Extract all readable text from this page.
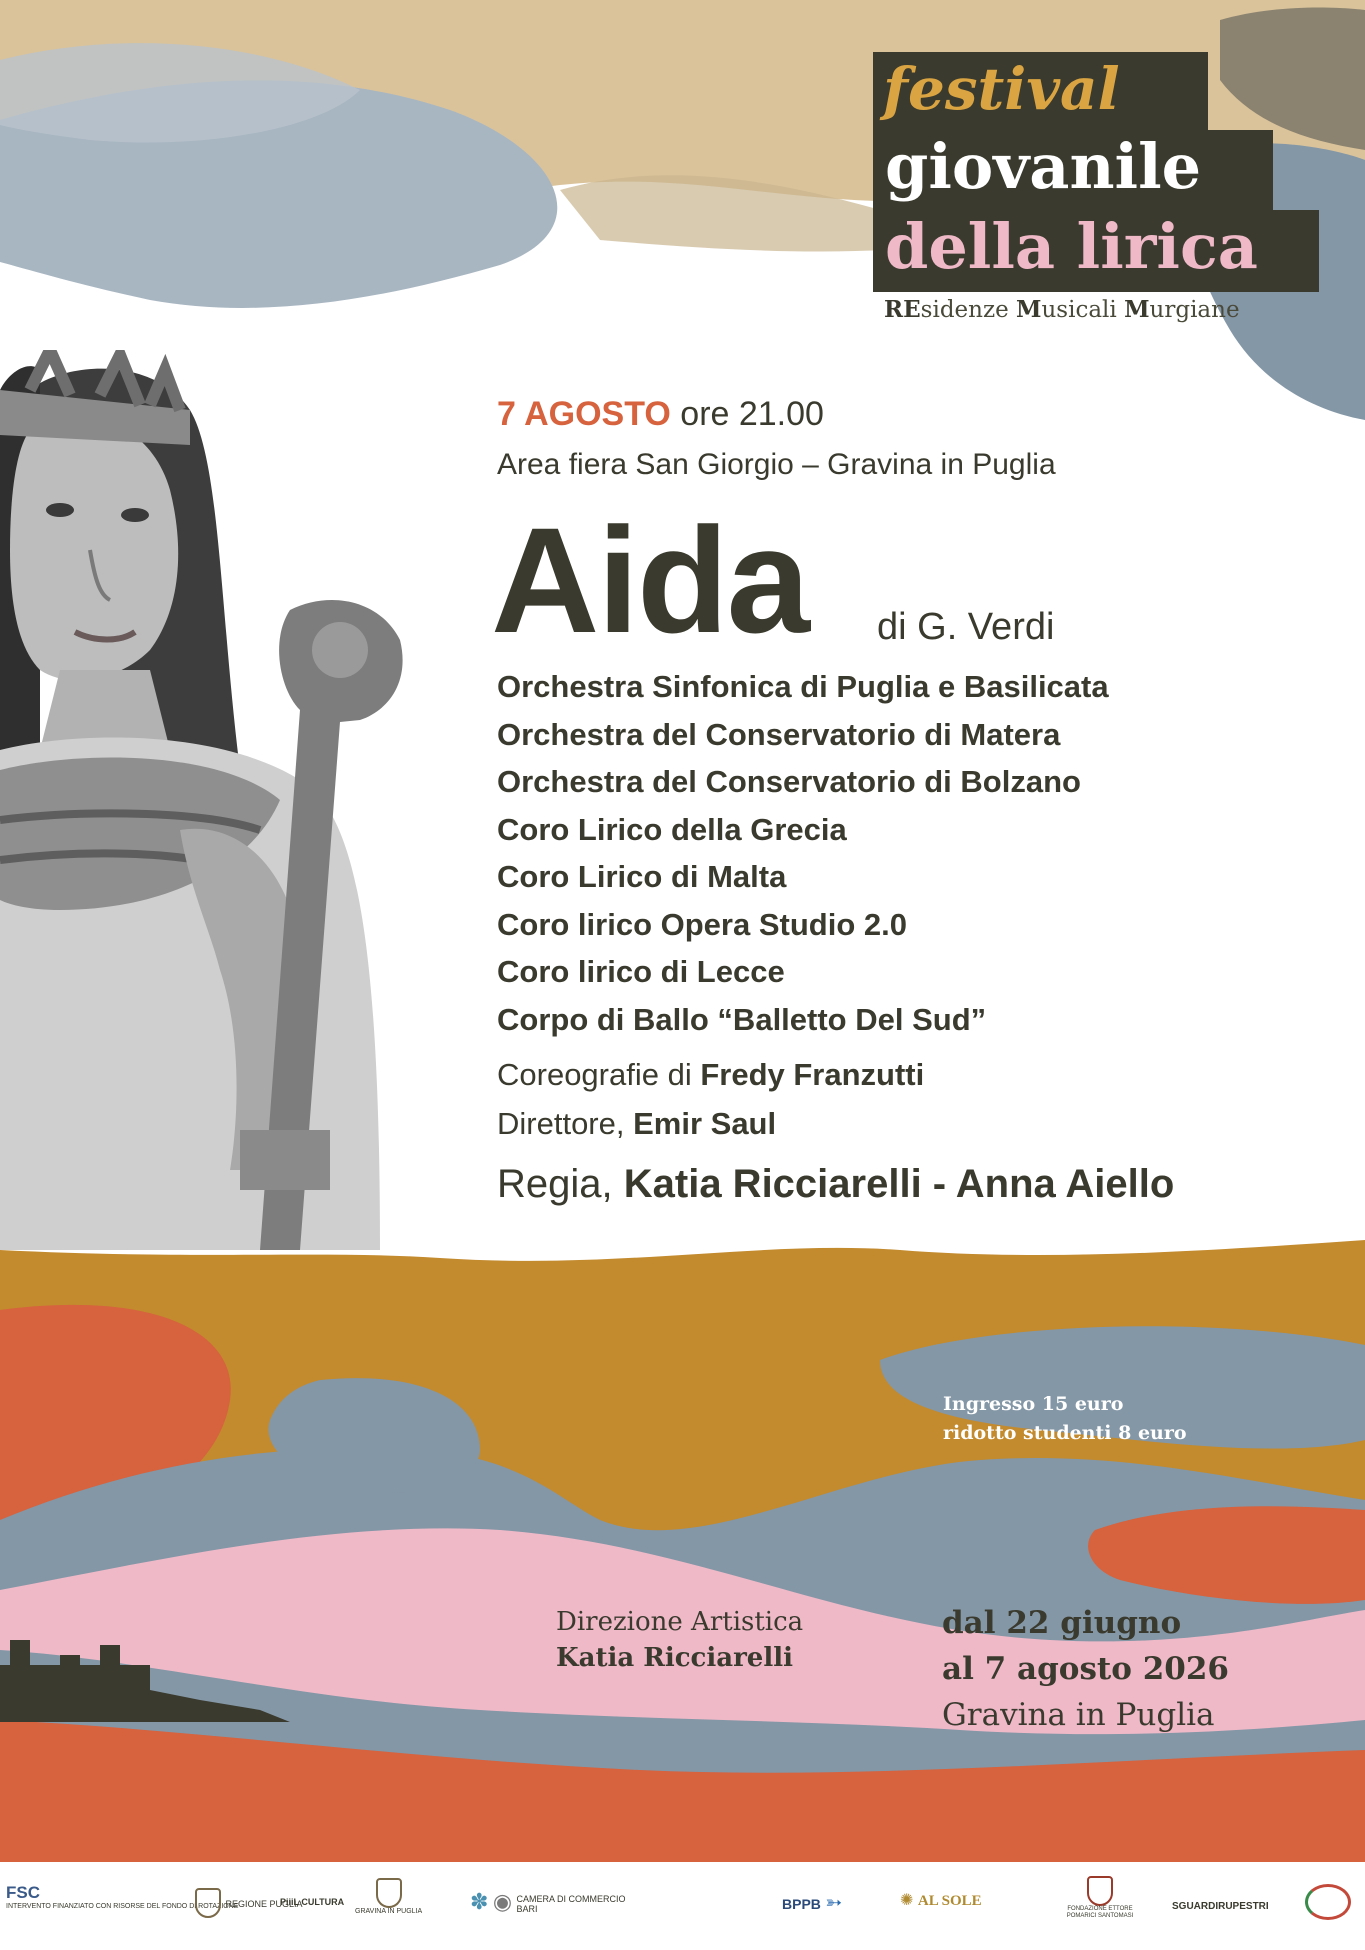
festival
giovanile
della lirica
REsidenze Musicali Murgiane
7 AGOSTO ore 21.00
Area fiera San Giorgio – Gravina in Puglia
Aida di G. Verdi
Orchestra Sinfonica di Puglia e Basilicata
Orchestra del Conservatorio di Matera
Orchestra del Conservatorio di Bolzano
Coro Lirico della Grecia
Coro Lirico di Malta
Coro lirico Opera Studio 2.0
Coro lirico di Lecce
Corpo di Ballo “Balletto Del Sud”
Coreografie di Fredy Franzutti
Direttore, Emir Saul
Regia, Katia Ricciarelli - Anna Aiello
Ingresso 15 euro
ridotto studenti 8 euro
Direzione Artistica
Katia Ricciarelli
dal 22 giugno
al 7 agosto 2026
Gravina in Puglia
FSC
INTERVENTO FINANZIATO CON RISORSE DEL FONDO DI ROTAZIONE
REGIONE PUGLIA
PiiiL CULTURA
GRAVINA IN PUGLIA ✽ ◉ CAMERA DI COMMERCIO BARI	BPPB ➳	✺ AL SOLE	FONDAZIONE ETTORE POMARICI SANTOMASI
SGUARDIRUPESTRI
